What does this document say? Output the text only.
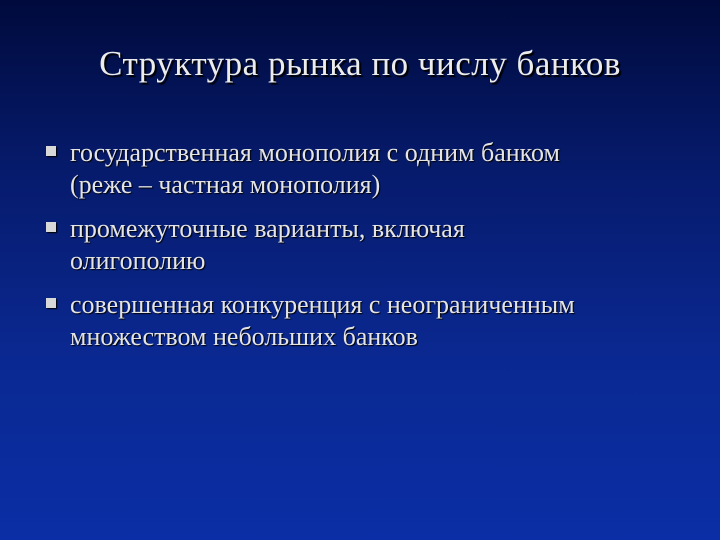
Структура рынка по числу банков
государственная монополия с одним банком
(реже – частная монополия)
промежуточные варианты, включая
олигополию
совершенная конкуренция с неограниченным
множеством небольших банков
